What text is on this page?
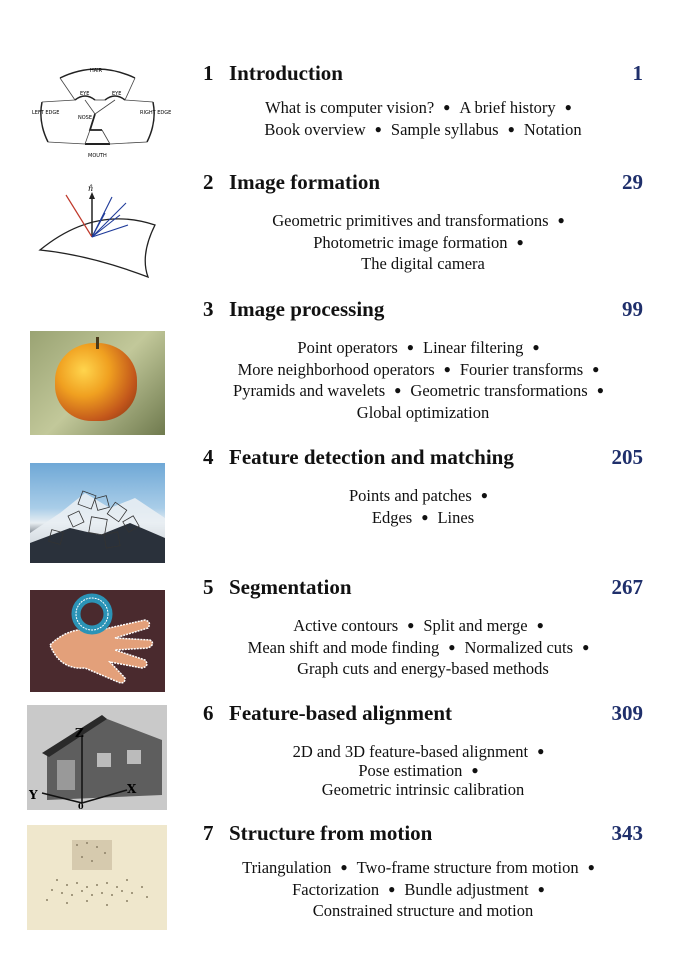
HAIR
LEFT EDGE	RIGHT EDGE
EYE	EYE
NOSE
MOUTH
1 Introduction	1
What is computer vision? ● A brief history ●
Book overview ● Sample syllabus ● Notation
n̂	2 Image formation	29
Geometric primitives and transformations ●
Photometric image formation ●
The digital camera
3 Image processing	99
Point operators ● Linear filtering ●
More neighborhood operators ● Fourier transforms ●
Pyramids and wavelets ● Geometric transformations ●
Global optimization
4 Feature detection and matching	205
Points and patches ●
Edges ● Lines
5 Segmentation	267
Active contours ● Split and merge ●
Mean shift and mode finding ● Normalized cuts ●
Graph cuts and energy-based methods
Z
Y	X
0
6 Feature-based alignment	309
2D and 3D feature-based alignment ●
Pose estimation ●
Geometric intrinsic calibration
7 Structure from motion	343
Triangulation ● Two-frame structure from motion ●
Factorization ● Bundle adjustment ●
Constrained structure and motion
